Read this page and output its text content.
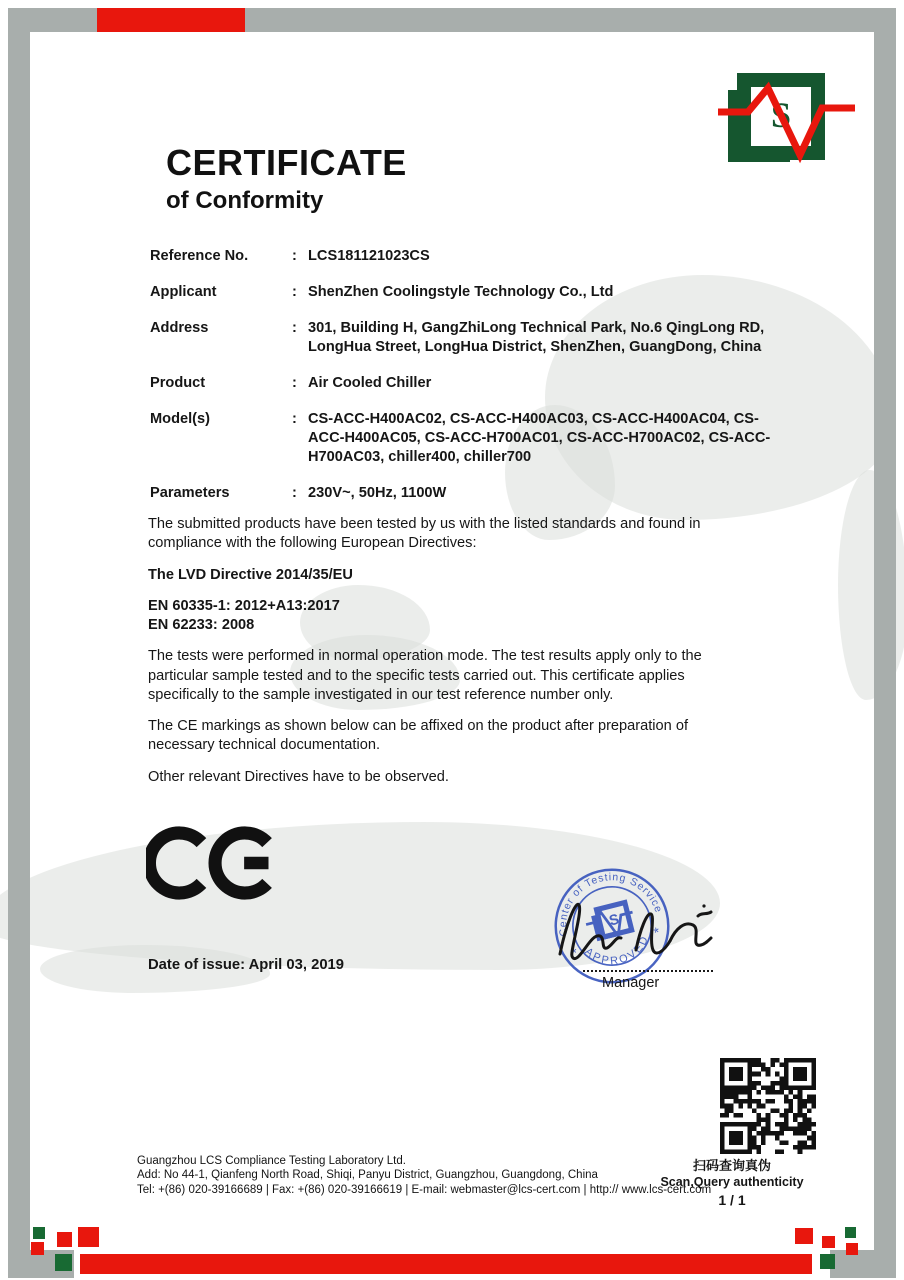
S
CERTIFICATE
of Conformity
Reference No.	: LCS181121023CS
Applicant	: ShenZhen Coolingstyle Technology Co., Ltd
Address	: 301, Building H, GangZhiLong Technical Park, No.6 QingLong RD, LongHua Street, LongHua District, ShenZhen, GuangDong, China
Product	: Air Cooled Chiller
Model(s)	: CS-ACC-H400AC02, CS-ACC-H400AC03, CS-ACC-H400AC04, CS-ACC-H400AC05, CS-ACC-H700AC01, CS-ACC-H700AC02, CS-ACC-H700AC03, chiller400, chiller700
Parameters	: 230V~, 50Hz, 1100W

The submitted products have been tested by us with the listed standards and found in compliance with the following European Directives:

The LVD Directive 2014/35/EU

EN 60335-1: 2012+A13:2017

EN 62233: 2008

The tests were performed in normal operation mode. The test results apply only to the particular sample tested and to the specific tests carried out. This certificate applies specifically to the sample investigated in our test reference number only.

The CE markings as shown below can be affixed on the product after preparation of necessary technical documentation.

Other relevant Directives have to be observed.

Date of issue: April 03, 2019
Center of Testing Service
APPROVED
*
*
S
Manager
扫码查询真伪
Scan,Query authenticity
1 / 1
Guangzhou LCS Compliance Testing Laboratory Ltd.
Add: No 44-1, Qianfeng North Road, Shiqi, Panyu District, Guangzhou, Guangdong, China
Tel: +(86) 020-39166689 | Fax: +(86) 020-39166619 | E-mail: webmaster@lcs-cert.com | http:// www.lcs-cert.com
